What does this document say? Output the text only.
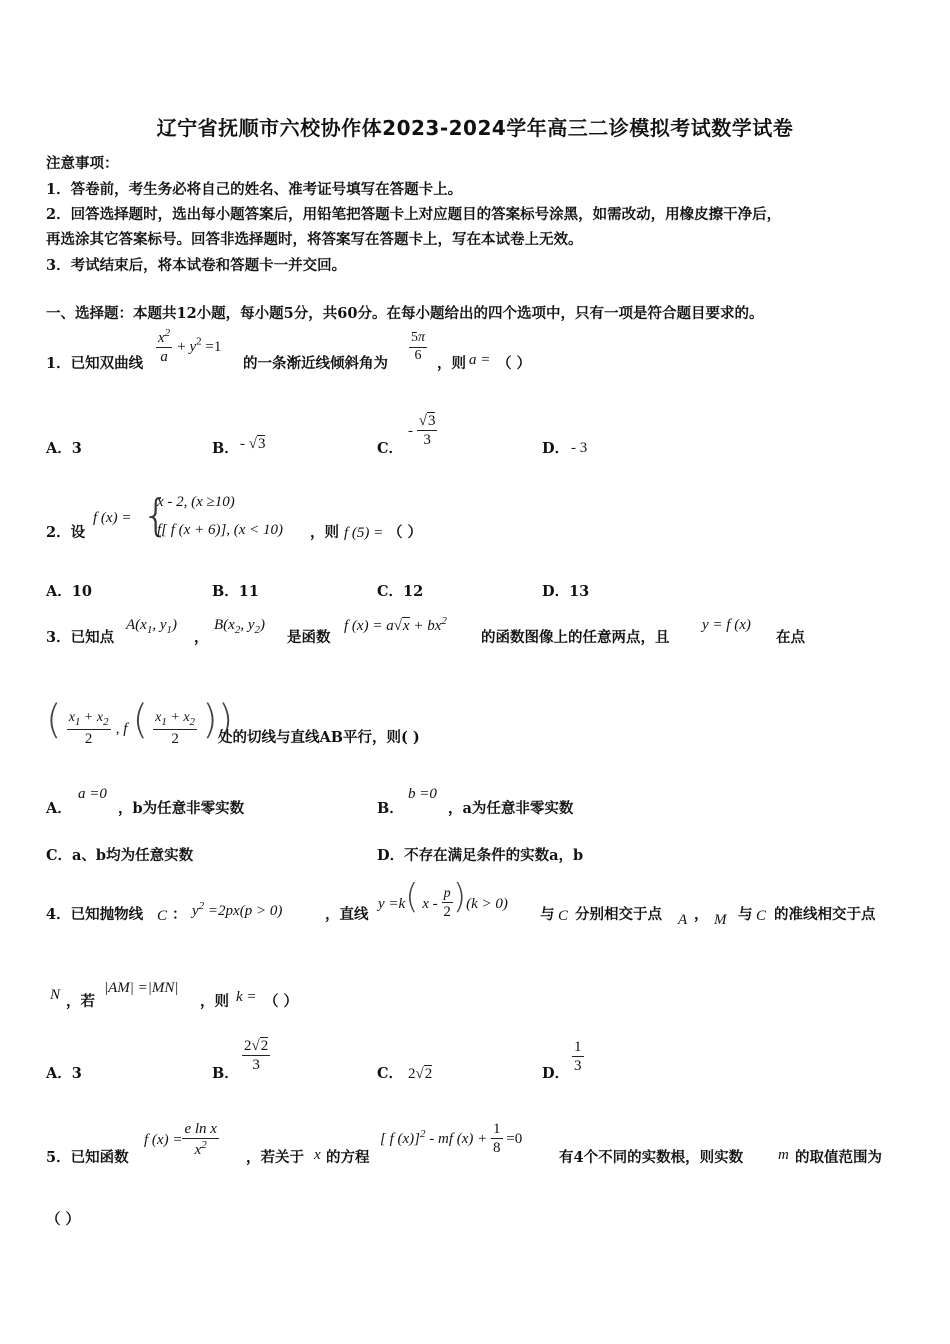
辽宁省抚顺市六校协作体2023-2024学年高三二诊模拟考试数学试卷
注意事项：
1．答卷前，考生务必将自己的姓名、准考证号填写在答题卡上。
2．回答选择题时，选出每小题答案后，用铅笔把答题卡上对应题目的答案标号涂黑，如需改动，用橡皮擦干净后，
再选涂其它答案标号。回答非选择题时，将答案写在答题卡上，写在本试卷上无效。
3．考试结束后，将本试卷和答题卡一并交回。
一、选择题：本题共12小题，每小题5分，共60分。在每小题给出的四个选项中，只有一项是符合题目要求的。
1．已知双曲线 $\frac{x^2}{a} + y^2 =1$
的一条渐近线倾斜角为 $\frac{5\pi}{6}$ ，则 a = （ ）
A．3	B． - √3	C．
- $\frac{√3}{3}$	D． - 3
2．设
f (x) = {
x - 2, (x ≥10)
f[ f (x + 6)], (x < 10) ，则 f (5) = （ ）
A．10	B．11	C．12	D．13
3．已知点
$A(x_1$, $y_1$)
，
$B(x_2$, $y_2$)
是函数
f $(x) = a√x + bx^2$
的函数图像上的任意两点，且
y = f (x)
在点
( $\frac{x_1 + x_2}{2}$ , f ( $\frac{x_1 + x_2}{2}$ ))
处的切线与直线AB平行，则( )
A．
a =0
，b为任意非零实数	B．
b =0
，a为任意非零实数
C．a、b均为任意实数	D．不存在满足条件的实数a，b
4．已知抛物线 C ： $y^2 =2px(p > 0)$	，直线
y =k( $x - \frac{p}{2} )(k > 0)$
与 C 分别相交于点 A ， M 与 C 的准线相交于点
N ，若
|AM| =|MN|
，则 k = （ ）
A．3	B． $\frac{2√2}{3}$	C． 2√2	D． $\frac{1}{3}$
5．已知函数
f $(x) = \frac{\text{e ln x}}{x^2}$ ，若关于 x 的方程
[ f (x)]$^2$ - mf $(x) + \frac{1}{8} =0$
有4个不同的实数根，则实数 m 的取值范围为
（ ）
